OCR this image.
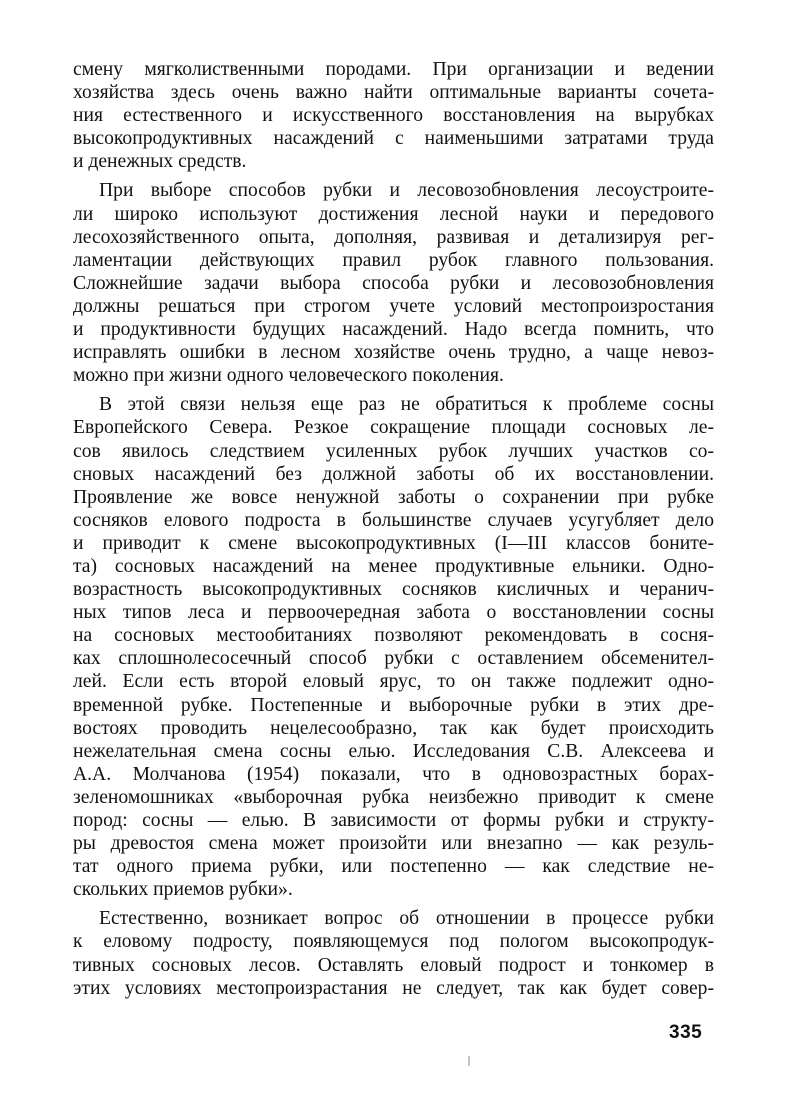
смену мягколиственными породами. При организации и ведении
хозяйства здесь очень важно найти оптимальные варианты сочета-
ния естественного и искусственного восстановления на вырубках
высокопродуктивных насаждений с наименьшими затратами труда
и денежных средств.
При выборе способов рубки и лесовозобновления лесоустроите-
ли широко используют достижения лесной науки и передового
лесохозяйственного опыта, дополняя, развивая и детализируя рег-
ламентации действующих правил рубок главного пользования.
Сложнейшие задачи выбора способа рубки и лесовозобновления
должны решаться при строгом учете условий местопроизростания
и продуктивности будущих насаждений. Надо всегда помнить, что
исправлять ошибки в лесном хозяйстве очень трудно, а чаще невоз-
можно при жизни одного человеческого поколения.
В этой связи нельзя еще раз не обратиться к проблеме сосны
Европейского Севера. Резкое сокращение площади сосновых ле-
сов явилось следствием усиленных рубок лучших участков со-
сновых насаждений без должной заботы об их восстановлении.
Проявление же вовсе ненужной заботы о сохранении при рубке
сосняков елового подроста в большинстве случаев усугубляет дело
и приводит к смене высокопродуктивных (I—III классов бонитe-
та) сосновых насаждений на менее продуктивные ельники. Одно-
возрастность высокопродуктивных сосняков кисличных и черанич-
ных типов леса и первоочередная забота о восстановлении сосны
на сосновых местообитаниях позволяют рекомендовать в сосня-
ках сплошнолесосечный способ рубки с оставлением обсеменител-
лей. Если есть второй еловый ярус, то он также подлежит одно-
временной рубке. Постепенные и выборочные рубки в этих дре-
востоях проводить нецелесообразно, так как будет происходить
нежелательная смена сосны елью. Исследования С.В. Алексеева и
А.А. Молчанова (1954) показали, что в одновозрастных борах-
зеленомошниках «выборочная рубка неизбежно приводит к смене
пород: сосны — елью. В зависимости от формы рубки и структу-
ры древостоя смена может произойти или внезапно — как резуль-
тат одного приема рубки, или постепенно — как следствие не-
скольких приемов рубки».
Естественно, возникает вопрос об отношении в процессе рубки
к еловому подросту, появляющемуся под пологом высокопродук-
тивных сосновых лесов. Оставлять еловый подрост и тонкомер в
этих условиях местопроизрастания не следует, так как будет совер-
335
